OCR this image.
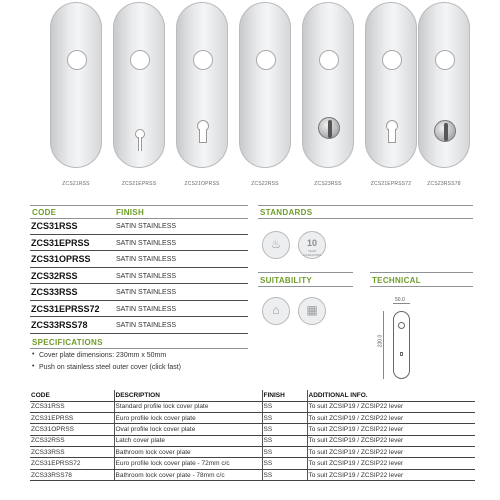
ZCS21RSS	ZCS21EPRSS	ZCS21OPRSS	ZCS22RSS	ZCS23RSS	ZCS21EPRSS72	ZCS23RSS78
CODE	FINISH
ZCS31RSS	SATIN STAINLESS
ZCS31EPRSS	SATIN STAINLESS
ZCS31OPRSS	SATIN STAINLESS
ZCS32RSS	SATIN STAINLESS
ZCS33RSS	SATIN STAINLESS
ZCS31EPRSS72 SATIN STAINLESS
ZCS33RSS78	SATIN STAINLESS
SPECIFICATIONS
• Cover plate dimensions: 230mm x 50mm
• Push on stainless steel outer cover (click fast)
STANDARDS
♨	10
YEAR GUARANTEE
SUITABILITY
⌂	▦
TECHNICAL
50.0
230.0
CODE	DESCRIPTION	FINISH	ADDITIONAL INFO.
ZCS31RSS	Standard profile lock cover plate	SS	To suit ZCSIP19 / ZCSIP22 lever
ZCS31EPRSS	Euro profile lock cover plate	SS	To suit ZCSIP19 / ZCSIP22 lever
ZCS31OPRSS	Oval profile lock cover plate	SS	To suit ZCSIP19 / ZCSIP22 lever
ZCS32RSS	Latch cover plate	SS	To suit ZCSIP19 / ZCSIP22 lever
ZCS33RSS	Bathroom lock cover plate	SS	To suit ZCSIP19 / ZCSIP22 lever
ZCS31EPRSS72	Euro profile lock cover plate - 72mm c/c	SS	To suit ZCSIP19 / ZCSIP22 lever
ZCS33RSS78	Bathroom lock cover plate - 78mm c/c	SS	To suit ZCSIP19 / ZCSIP22 lever
